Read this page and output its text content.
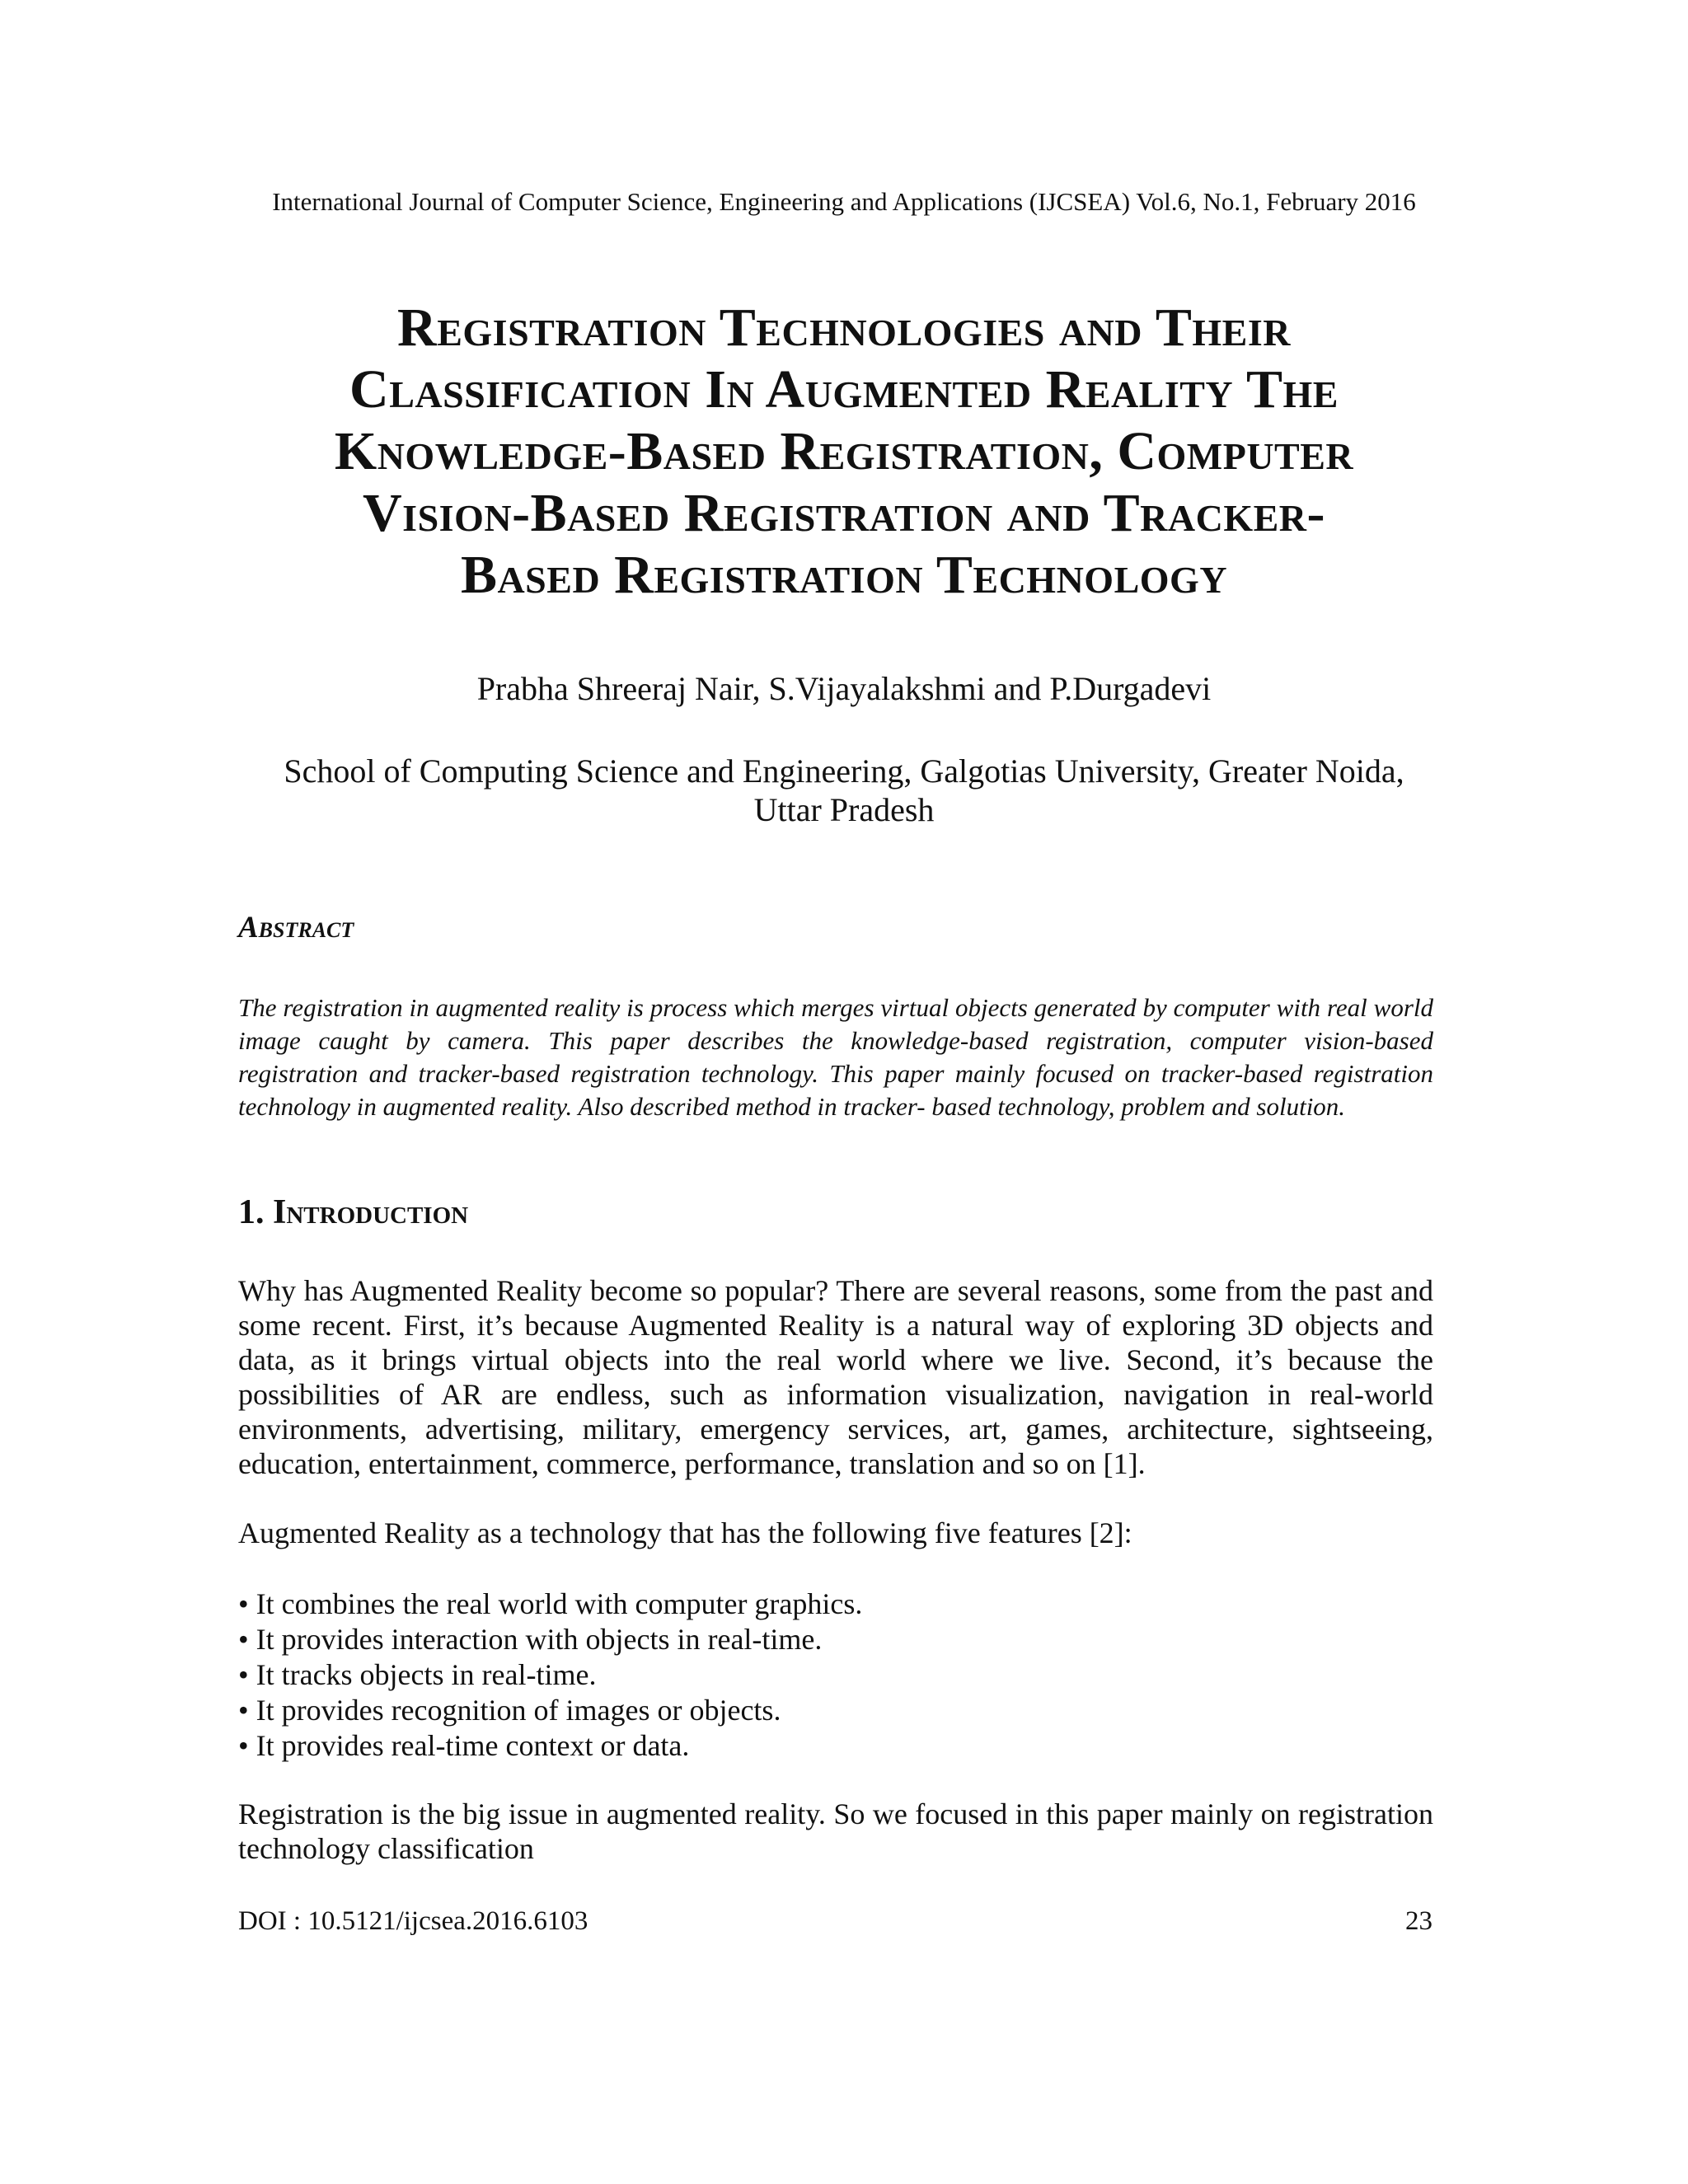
International Journal of Computer Science, Engineering and Applications (IJCSEA) Vol.6, No.1, February 2016
Registration Technologies and Their
Classification In Augmented Reality The
Knowledge-Based Registration, Computer
Vision-Based Registration and Tracker-
Based Registration Technology
Prabha Shreeraj Nair, S.Vijayalakshmi and P.Durgadevi
School of Computing Science and Engineering, Galgotias University, Greater Noida,
Uttar Pradesh
Abstract
The registration in augmented reality is process which merges virtual objects generated by computer with real world image caught by camera. This paper describes the knowledge-based registration, computer vision-based registration and tracker-based registration technology. This paper mainly focused on tracker-based registration technology in augmented reality. Also described method in tracker- based technology, problem and solution.
1. Introduction
Why has Augmented Reality become so popular? There are several reasons, some from the past and some recent. First, it’s because Augmented Reality is a natural way of exploring 3D objects and data, as it brings virtual objects into the real world where we live. Second, it’s because the possibilities of AR are endless, such as information visualization, navigation in real-world environments, advertising, military, emergency services, art, games, architecture, sightseeing, education, entertainment, commerce, performance, translation and so on [1].
Augmented Reality as a technology that has the following five features [2]:
• It combines the real world with computer graphics.
• It provides interaction with objects in real-time.
• It tracks objects in real-time.
• It provides recognition of images or objects.
• It provides real-time context or data.
Registration is the big issue in augmented reality. So we focused in this paper mainly on registration technology classification
DOI : 10.5121/ijcsea.2016.6103	23
